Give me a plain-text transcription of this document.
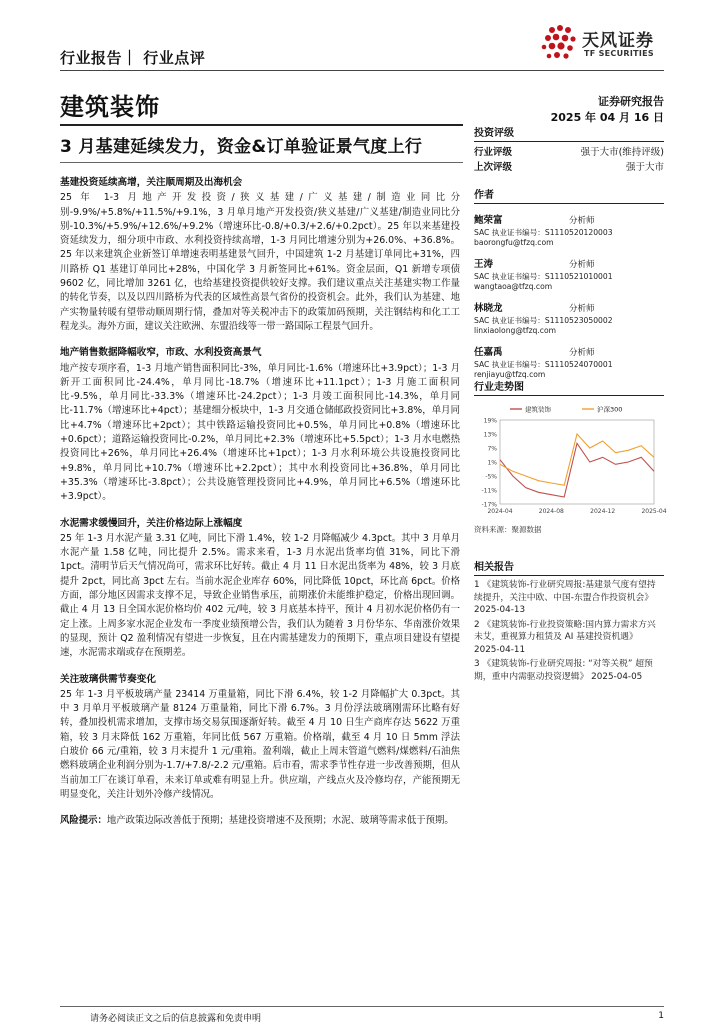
行业报告｜ 行业点评
天风证券
TF SECURITIES
建筑装饰	证券研究报告
2025 年 04 月 16 日
3 月基建延续发力，资金&订单验证景气度上行
基建投资延续高增，关注顺周期及出海机会

25 年 1-3 月地产开发投资/狭义基建/广义基建/制造业同比分别-9.9%/+5.8%/+11.5%/+9.1%，3 月单月地产开发投资/狭义基建/广义基建/制造业同比分别-10.3%/+5.9%/+12.6%/+9.2%（增速环比-0.8/+0.3/+2.6/+0.2pct）。25 年以来基建投资延续发力，细分项中市政、水利投资持续高增，1-3 月同比增速分别为+26.0%、+36.8%。25 年以来建筑企业新签订单增速表明基建景气回升，中国建筑 1-2 月基建订单同比+31%，四川路桥 Q1 基建订单同比+28%，中国化学 3 月新签同比+61%。资金层面，Q1 新增专项债 9602 亿，同比增加 3261 亿，也给基建投资提供较好支撑。我们建议重点关注基建实物工作量的转化节奏，以及以四川路桥为代表的区域性高景气省份的投资机会。此外，我们认为基建、地产实物量转暖有望带动顺周期行情，叠加对等关税冲击下的政策加码预期，关注钢结构和化工工程龙头。海外方面，建议关注欧洲、东盟沿线等一带一路国际工程景气回升。

地产销售数据降幅收窄，市政、水利投资高景气

地产按专项序看，1-3 月地产销售面积同比-3%，单月同比-1.6%（增速环比+3.9pct）；1-3 月新开工面积同比-24.4%，单月同比-18.7%（增速环比+11.1pct）；1-3 月施工面积同比-9.5%，单月同比-33.3%（增速环比-24.2pct）；1-3 月竣工面积同比-14.3%，单月同比-11.7%（增速环比+4pct）；基建细分板块中，1-3 月交通仓储邮政投资同比+3.8%，单月同比+4.7%（增速环比+2pct）；其中铁路运输投资同比+0.5%，单月同比+0.8%（增速环比+0.6pct）；道路运输投资同比-0.2%，单月同比+2.3%（增速环比+5.5pct）；1-3 月水电燃热投资同比+26%，单月同比+26.4%（增速环比+1pct）；1-3 月水利环境公共设施投资同比+9.8%，单月同比+10.7%（增速环比+2.2pct）；其中水利投资同比+36.8%，单月同比+35.3%（增速环比-3.8pct）；公共设施管理投资同比+4.9%，单月同比+6.5%（增速环比+3.9pct）。

水泥需求缓慢回升，关注价格边际上涨幅度

25 年 1-3 月水泥产量 3.31 亿吨，同比下滑 1.4%，较 1-2 月降幅减少 4.3pct。其中 3 月单月水泥产量 1.58 亿吨，同比提升 2.5%。需求来看，1-3 月水泥出货率均值 31%，同比下滑 1pct。清明节后天气情况尚可，需求环比好转。截止 4 月 11 日水泥出货率为 48%，较 3 月底提升 2pct，同比高 3pct 左右。当前水泥企业库存 60%，同比降低 10pct，环比高 6pct。价格方面，部分地区因需求支撑不足，导致企业销售承压，前期涨价未能维护稳定，价格出现回调。截止 4 月 13 日全国水泥价格均价 402 元/吨，较 3 月底基本持平，预计 4 月初水泥价格仍有一定上涨。上周多家水泥企业发布一季度业绩预增公告，我们认为随着 3 月份华东、华南涨价效果的显现，预计 Q2 盈利情况有望进一步恢复，且在内需基建发力的预期下，重点项目建设有望提速，水泥需求端或存在预期差。

关注玻璃供需节奏变化

25 年 1-3 月平板玻璃产量 23414 万重量箱，同比下滑 6.4%，较 1-2 月降幅扩大 0.3pct。其中 3 月单月平板玻璃产量 8124 万重量箱，同比下滑 6.7%。3 月份浮法玻璃刚需环比略有好转，叠加投机需求增加，支撑市场交易氛围逐渐好转。截至 4 月 10 日生产商库存达 5622 万重箱，较 3 月末降低 162 万重箱，年同比低 567 万重箱。价格端，截至 4 月 10 日 5mm 浮法白玻价 66 元/重箱，较 3 月末提升 1 元/重箱。盈利端，截止上周末管道气燃料/煤燃料/石油焦燃料玻璃企业利润分别为-1.7/+7.8/-2.2 元/重箱。后市看，需求季节性存进一步改善预期，但从当前加工厂在谈订单看，未来订单或难有明显上升。供应端，产线点火及冷修均存，产能预期无明显变化，关注计划外冷修产线情况。

风险提示：地产政策边际改善低于预期；基建投资增速不及预期；水泥、玻璃等需求低于预期。

投资评级
行业评级	强于大市(维持评级)
上次评级	强于大市
作者
鲍荣富	分析师
SAC 执业证书编号：S1110520120003
baorongfu@tfzq.com
王涛	分析师
SAC 执业证书编号：S1110521010001
wangtaoa@tfzq.com
林晓龙	分析师
SAC 执业证书编号：S1110523050002
linxiaolong@tfzq.com
任嘉禹	分析师
SAC 执业证书编号：S1110524070001
renjiayu@tfzq.com
行业走势图
19%
13%
7%
1%
-5%
-11%
-17%
2024-04	2024-08	2024-12	2025-04
建筑装饰	沪深300
资料来源：聚源数据
相关报告
1 《建筑装饰-行业研究周报:基建景气度有望持续提升，关注中欧、中国-东盟合作投资机会》 2025-04-13
2 《建筑装饰-行业投资策略:国内算力需求方兴未艾，重视算力租赁及 AI 基建投资机遇》 2025-04-11
3 《建筑装饰-行业研究周报: “对等关税” 超预期，重申内需驱动投资逻辑》 2025-04-05
请务必阅读正文之后的信息披露和免责申明	1
